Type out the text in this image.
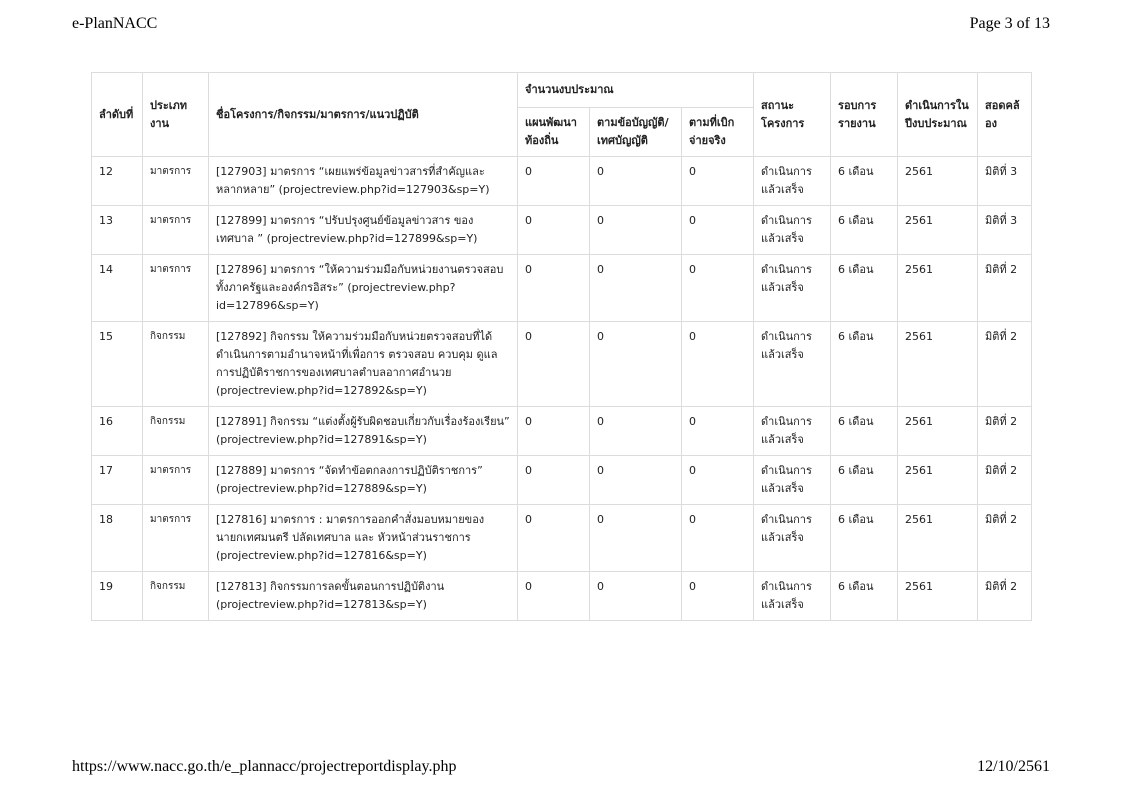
e-PlanNACC	Page 3 of 13
ลำดับที่	ประเภทงาน	ชื่อโครงการ/กิจกรรม/มาตรการ/แนวปฏิบัติ	จำนวนงบประมาณ			สถานะโครงการ	รอบการรายงาน	ดำเนินการในปีงบประมาณ	สอดคล้อง
			แผนพัฒนาท้องถิ่น	ตามข้อบัญญัติ/เทศบัญญัติ	ตามที่เบิกจ่ายจริง				
12	มาตรการ	[127903] มาตรการ “เผยแพร่ข้อมูลข่าวสารที่สำคัญและหลากหลาย” (projectreview.php?id=127903&sp=Y)	0	0	0	ดำเนินการแล้วเสร็จ	6 เดือน	2561	มิติที่ 3
13	มาตรการ	[127899] มาตรการ “ปรับปรุงศูนย์ข้อมูลข่าวสาร ของเทศบาล ” (projectreview.php?id=127899&sp=Y)	0	0	0	ดำเนินการแล้วเสร็จ	6 เดือน	2561	มิติที่ 3
14	มาตรการ	[127896] มาตรการ “ให้ความร่วมมือกับหน่วยงานตรวจสอบทั้งภาครัฐและองค์กรอิสระ” (projectreview.php?id=127896&sp=Y)	0	0	0	ดำเนินการแล้วเสร็จ	6 เดือน	2561	มิติที่ 2
15	กิจกรรม	[127892] กิจกรรม ให้ความร่วมมือกับหน่วยตรวจสอบที่ได้ดำเนินการตามอำนาจหน้าที่เพื่อการ ตรวจสอบ ควบคุม ดูแล การปฏิบัติราชการของเทศบาลตำบลอากาศอำนวย (projectreview.php?id=127892&sp=Y)	0	0	0	ดำเนินการแล้วเสร็จ	6 เดือน	2561	มิติที่ 2
16	กิจกรรม	[127891] กิจกรรม “แต่งตั้งผู้รับผิดชอบเกี่ยวกับเรื่องร้องเรียน” (projectreview.php?id=127891&sp=Y)	0	0	0	ดำเนินการแล้วเสร็จ	6 เดือน	2561	มิติที่ 2
17	มาตรการ	[127889] มาตรการ “จัดทำข้อตกลงการปฏิบัติราชการ” (projectreview.php?id=127889&sp=Y)	0	0	0	ดำเนินการแล้วเสร็จ	6 เดือน	2561	มิติที่ 2
18	มาตรการ	[127816] มาตรการ : มาตรการออกคำสั่งมอบหมายของนายกเทศมนตรี ปลัดเทศบาล และ หัวหน้าส่วนราชการ (projectreview.php?id=127816&sp=Y)	0	0	0	ดำเนินการแล้วเสร็จ	6 เดือน	2561	มิติที่ 2
19	กิจกรรม	[127813] กิจกรรมการลดขั้นตอนการปฏิบัติงาน (projectreview.php?id=127813&sp=Y)	0	0	0	ดำเนินการแล้วเสร็จ	6 เดือน	2561	มิติที่ 2
https://www.nacc.go.th/e_plannacc/projectreportdisplay.php	12/10/2561
